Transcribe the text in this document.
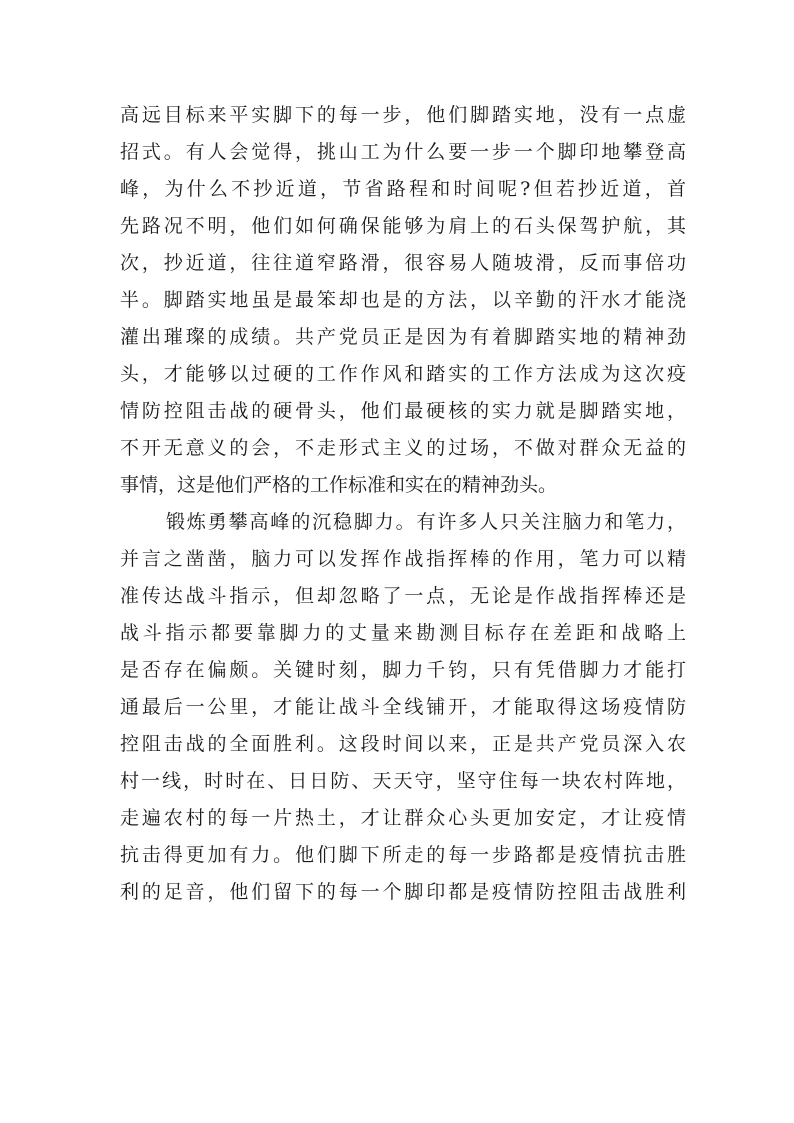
高远目标来平实脚下的每一步，他们脚踏实地，没有一点虚
招式。有人会觉得，挑山工为什么要一步一个脚印地攀登高
峰，为什么不抄近道，节省路程和时间呢?但若抄近道，首
先路况不明，他们如何确保能够为肩上的石头保驾护航，其
次，抄近道，往往道窄路滑，很容易人随坡滑，反而事倍功
半。脚踏实地虽是最笨却也是的方法，以辛勤的汗水才能浇
灌出璀璨的成绩。共产党员正是因为有着脚踏实地的精神劲
头，才能够以过硬的工作作风和踏实的工作方法成为这次疫
情防控阻击战的硬骨头，他们最硬核的实力就是脚踏实地，
不开无意义的会，不走形式主义的过场，不做对群众无益的
事情，这是他们严格的工作标准和实在的精神劲头。
锻炼勇攀高峰的沉稳脚力。有许多人只关注脑力和笔力，
并言之凿凿，脑力可以发挥作战指挥棒的作用，笔力可以精
准传达战斗指示，但却忽略了一点，无论是作战指挥棒还是
战斗指示都要靠脚力的丈量来勘测目标存在差距和战略上
是否存在偏颇。关键时刻，脚力千钧，只有凭借脚力才能打
通最后一公里，才能让战斗全线铺开，才能取得这场疫情防
控阻击战的全面胜利。这段时间以来，正是共产党员深入农
村一线，时时在、日日防、天天守，坚守住每一块农村阵地，
走遍农村的每一片热土，才让群众心头更加安定，才让疫情
抗击得更加有力。他们脚下所走的每一步路都是疫情抗击胜
利的足音，他们留下的每一个脚印都是疫情防控阻击战胜利
